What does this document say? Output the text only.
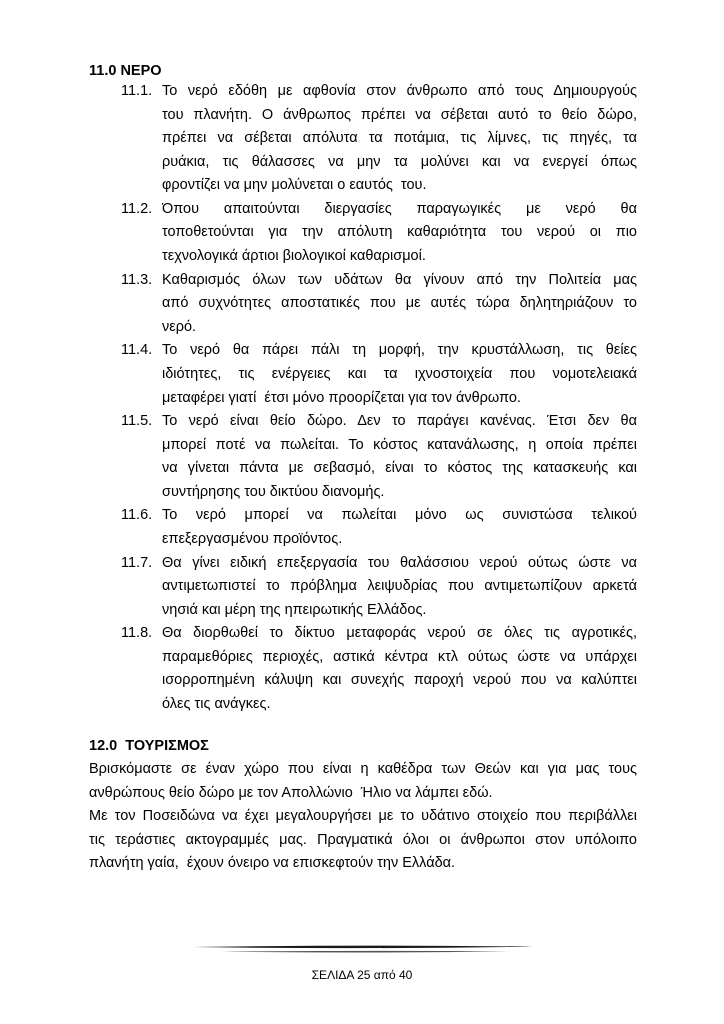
11.0 ΝΕΡΟ
11.1. Το νερό εδόθη με αφθονία στον άνθρωπο από τους Δημιουργούς
του πλανήτη. Ο άνθρωπος πρέπει να σέβεται αυτό το θείο δώρο,
πρέπει να σέβεται απόλυτα τα ποτάμια, τις λίμνες, τις πηγές, τα
ρυάκια, τις θάλασσες να μην τα μολύνει και να ενεργεί όπως
φροντίζει να μην μολύνεται ο εαυτός  του.
11.2. Όπου απαιτούνται διεργασίες παραγωγικές με νερό θα
τοποθετούνται για την απόλυτη καθαριότητα του νερού οι πιο
τεχνολογικά άρτιοι βιολογικοί καθαρισμοί.
11.3. Καθαρισμός όλων των υδάτων θα γίνουν από την Πολιτεία μας
από συχνότητες αποστατικές που με αυτές τώρα δηλητηριάζουν το
νερό.
11.4. Το νερό θα πάρει πάλι τη μορφή, την κρυστάλλωση, τις θείες
ιδιότητες, τις ενέργειες και τα ιχνοστοιχεία που νομοτελειακά
μεταφέρει γιατί  έτσι μόνο προορίζεται για τον άνθρωπο.
11.5. Το νερό είναι θείο δώρο. Δεν το παράγει κανένας. Έτσι δεν θα
μπορεί ποτέ να πωλείται. Το κόστος κατανάλωσης, η οποία πρέπει
να γίνεται πάντα με σεβασμό, είναι το κόστος της κατασκευής και
συντήρησης του δικτύου διανομής.
11.6. Το νερό μπορεί να πωλείται μόνο ως συνιστώσα τελικού
επεξεργασμένου προϊόντος.
11.7. Θα γίνει ειδική επεξεργασία του θαλάσσιου νερού ούτως ώστε να
αντιμετωπιστεί το πρόβλημα λειψυδρίας που αντιμετωπίζουν αρκετά
νησιά και μέρη της ηπειρωτικής Ελλάδος.
11.8. Θα διορθωθεί το δίκτυο μεταφοράς νερού σε όλες τις αγροτικές,
παραμεθόριες περιοχές, αστικά κέντρα κτλ ούτως ώστε να υπάρχει
ισορροπημένη κάλυψη και συνεχής παροχή νερού που να καλύπτει
όλες τις ανάγκες.
12.0  ΤΟΥΡΙΣΜΟΣ
Βρισκόμαστε σε έναν χώρο που είναι η καθέδρα των Θεών και για μας τους
ανθρώπους θείο δώρο με τον Απολλώνιο  Ήλιο να λάμπει εδώ.
Με τον Ποσειδώνα να έχει μεγαλουργήσει με το υδάτινο στοιχείο που περιβάλλει
τις τεράστιες ακτογραμμές μας. Πραγματικά όλοι οι άνθρωποι στον υπόλοιπο
πλανήτη γαία,  έχουν όνειρο να επισκεφτούν την Ελλάδα.
ΣΕΛΙΔΑ 25 από 40
